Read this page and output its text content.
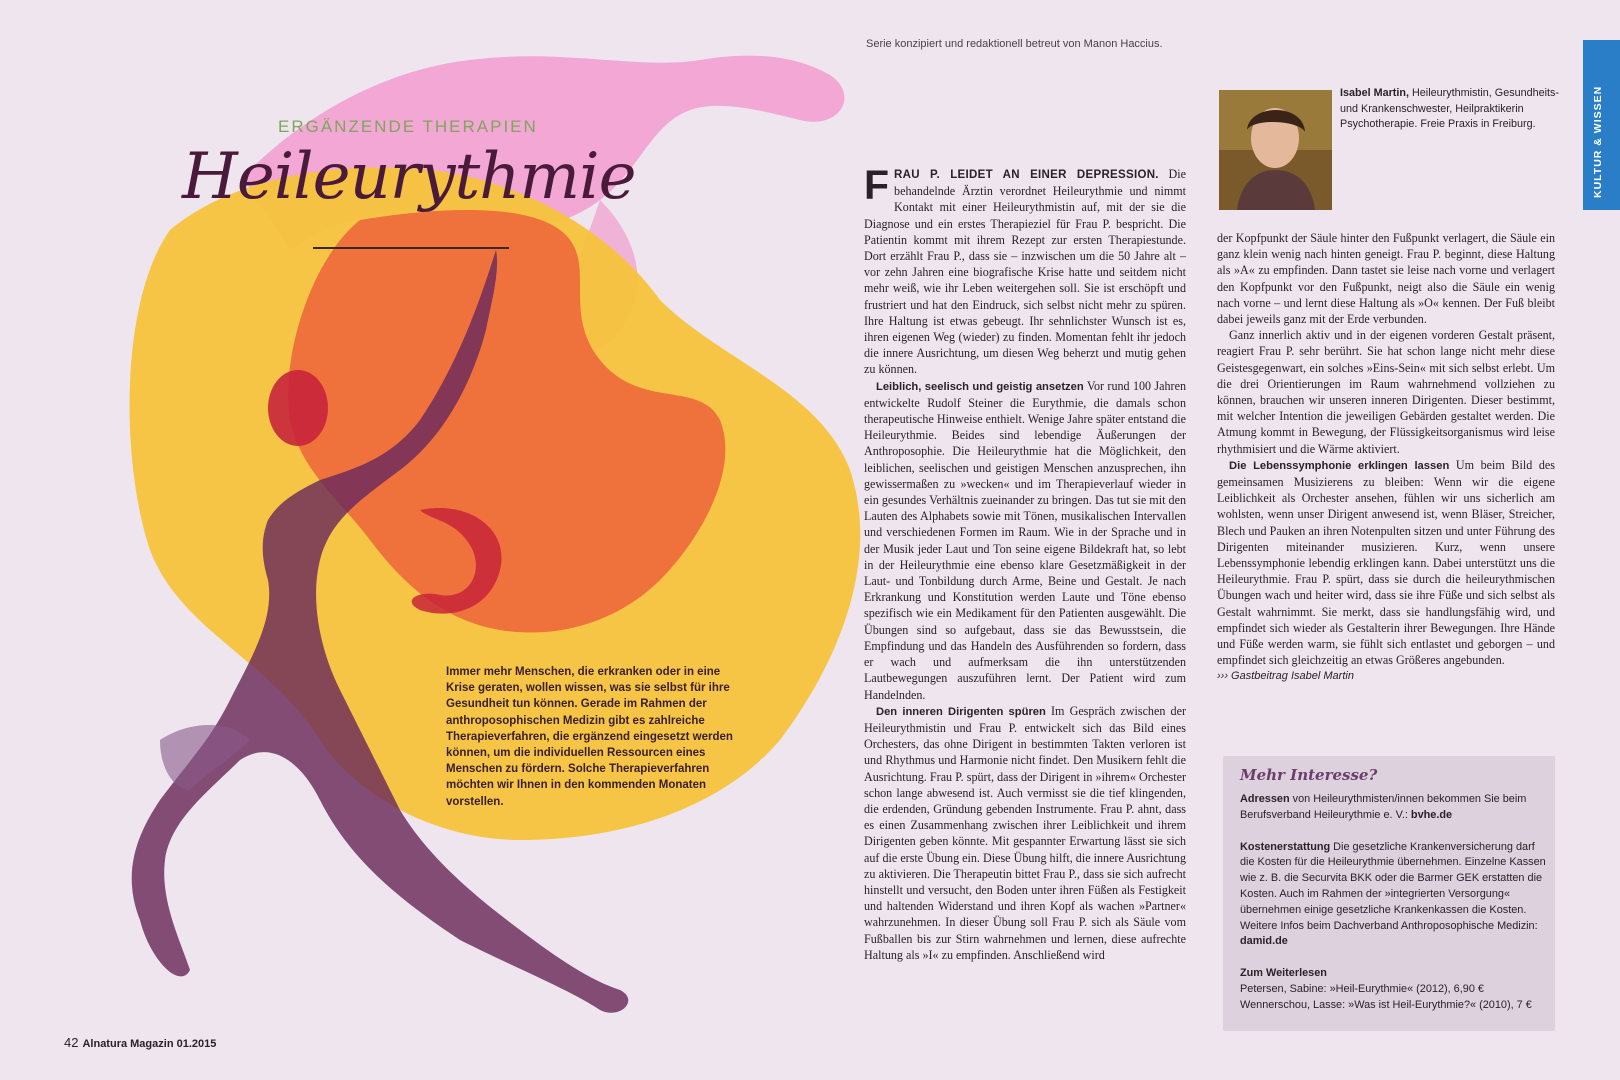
ERGÄNZENDE THERAPIEN
Heileurythmie
Immer mehr Menschen, die erkranken oder in eine Krise geraten, wollen wissen, was sie selbst für ihre Gesundheit tun können. Gerade im Rahmen der anthroposophischen Medizin gibt es zahlreiche Therapieverfahren, die ergänzend eingesetzt werden können, um die individuellen Ressourcen eines Menschen zu fördern. Solche Therapieverfahren möchten wir Ihnen in den kommenden Monaten vorstellen.
Serie konzipiert und redaktionell betreut von Manon Haccius.
Isabel Martin, Heileurythmistin, Gesundheits- und Krankenschwester, Heilpraktikerin Psychotherapie. Freie Praxis in Freiburg.

FRAU P. LEIDET AN EINER DEPRESSION. Die behandelnde Ärztin verordnet Heileurythmie und nimmt Kontakt mit einer Heileurythmistin auf, mit der sie die Diagnose und ein erstes Therapieziel für Frau P. bespricht. Die Patientin kommt mit ihrem Rezept zur ersten Therapiestunde. Dort erzählt Frau P., dass sie – inzwischen um die 50 Jahre alt – vor zehn Jahren eine biografische Krise hatte und seitdem nicht mehr weiß, wie ihr Leben weitergehen soll. Sie ist erschöpft und frustriert und hat den Eindruck, sich selbst nicht mehr zu spüren. Ihre Haltung ist etwas gebeugt. Ihr sehnlichster Wunsch ist es, ihren eigenen Weg (wieder) zu finden. Momentan fehlt ihr jedoch die innere Ausrichtung, um diesen Weg beherzt und mutig gehen zu können.

Leiblich, seelisch und geistig ansetzen Vor rund 100 Jahren entwickelte Rudolf Steiner die Eurythmie, die damals schon therapeutische Hinweise enthielt. Wenige Jahre später entstand die Heileurythmie. Beides sind lebendige Äußerungen der Anthroposophie. Die Heileurythmie hat die Möglichkeit, den leiblichen, seelischen und geistigen Menschen anzusprechen, ihn gewissermaßen zu »wecken« und im Therapieverlauf wieder in ein gesundes Verhältnis zueinander zu bringen. Das tut sie mit den Lauten des Alphabets sowie mit Tönen, musikalischen Intervallen und verschiedenen Formen im Raum. Wie in der Sprache und in der Musik jeder Laut und Ton seine eigene Bildekraft hat, so lebt in der Heileurythmie eine ebenso klare Gesetzmäßigkeit in der Laut- und Tonbildung durch Arme, Beine und Gestalt. Je nach Erkrankung und Konstitution werden Laute und Töne ebenso spezifisch wie ein Medikament für den Patienten ausgewählt. Die Übungen sind so aufgebaut, dass sie das Bewusstsein, die Empfindung und das Handeln des Ausführenden so fordern, dass er wach und aufmerksam die ihn unterstützenden Lautbewegungen auszuführen lernt. Der Patient wird zum Handelnden.

Den inneren Dirigenten spüren Im Gespräch zwischen der Heileurythmistin und Frau P. entwickelt sich das Bild eines Orchesters, das ohne Dirigent in bestimmten Takten verloren ist und Rhythmus und Harmonie nicht findet. Den Musikern fehlt die Ausrichtung. Frau P. spürt, dass der Dirigent in »ihrem« Orchester schon lange abwesend ist. Auch vermisst sie die tief klingenden, die erdenden, Gründung gebenden Instrumente. Frau P. ahnt, dass es einen Zusammenhang zwischen ihrer Leiblichkeit und ihrem Dirigenten geben könnte. Mit gespannter Erwartung lässt sie sich auf die erste Übung ein. Diese Übung hilft, die innere Ausrichtung zu aktivieren. Die Therapeutin bittet Frau P., dass sie sich aufrecht hinstellt und versucht, den Boden unter ihren Füßen als Festigkeit und haltenden Widerstand und ihren Kopf als wachen »Partner« wahrzunehmen. In dieser Übung soll Frau P. sich als Säule vom Fußballen bis zur Stirn wahrnehmen und lernen, diese aufrechte Haltung als »I« zu empfinden. Anschließend wird

der Kopfpunkt der Säule hinter den Fußpunkt verlagert, die Säule ein ganz klein wenig nach hinten geneigt. Frau P. beginnt, diese Haltung als »A« zu empfinden. Dann tastet sie leise nach vorne und verlagert den Kopfpunkt vor den Fußpunkt, neigt also die Säule ein wenig nach vorne – und lernt diese Haltung als »O« kennen. Der Fuß bleibt dabei jeweils ganz mit der Erde verbunden.

Ganz innerlich aktiv und in der eigenen vorderen Gestalt präsent, reagiert Frau P. sehr berührt. Sie hat schon lange nicht mehr diese Geistesgegenwart, ein solches »Eins-Sein« mit sich selbst erlebt. Um die drei Orientierungen im Raum wahrnehmend vollziehen zu können, brauchen wir unseren inneren Dirigenten. Dieser bestimmt, mit welcher Intention die jeweiligen Gebärden gestaltet werden. Die Atmung kommt in Bewegung, der Flüssigkeitsorganismus wird leise rhythmisiert und die Wärme aktiviert.

Die Lebenssymphonie erklingen lassen Um beim Bild des gemeinsamen Musizierens zu bleiben: Wenn wir die eigene Leiblichkeit als Orchester ansehen, fühlen wir uns sicherlich am wohlsten, wenn unser Dirigent anwesend ist, wenn Bläser, Streicher, Blech und Pauken an ihren Notenpulten sitzen und unter Führung des Dirigenten miteinander musizieren. Kurz, wenn unsere Lebenssymphonie lebendig erklingen kann. Dabei unterstützt uns die Heileurythmie. Frau P. spürt, dass sie durch die heileurythmischen Übungen wach und heiter wird, dass sie ihre Füße und sich selbst als Gestalt wahrnimmt. Sie merkt, dass sie handlungsfähig wird, und empfindet sich wieder als Gestalterin ihrer Bewegungen. Ihre Hände und Füße werden warm, sie fühlt sich entlastet und geborgen – und empfindet sich gleichzeitig an etwas Größeres angebunden.

››› Gastbeitrag Isabel Martin

Mehr Interesse?

Adressen von Heileurythmisten/innen bekommen Sie beim Berufsverband Heileurythmie e. V.: bvhe.de

Kostenerstattung Die gesetzliche Krankenversicherung darf die Kosten für die Heileurythmie übernehmen. Einzelne Kassen wie z. B. die Securvita BKK oder die Barmer GEK erstatten die Kosten. Auch im Rahmen der »integrierten Versorgung« übernehmen einige gesetzliche Krankenkassen die Kosten. Weitere Infos beim Dachverband Anthroposophische Medizin: damid.de

Zum Weiterlesen
Petersen, Sabine: »Heil-Eurythmie« (2012), 6,90 €
Wennerschou, Lasse: »Was ist Heil-Eurythmie?« (2010), 7 €

KULTUR & WISSEN
42 Alnatura Magazin 01.2015
